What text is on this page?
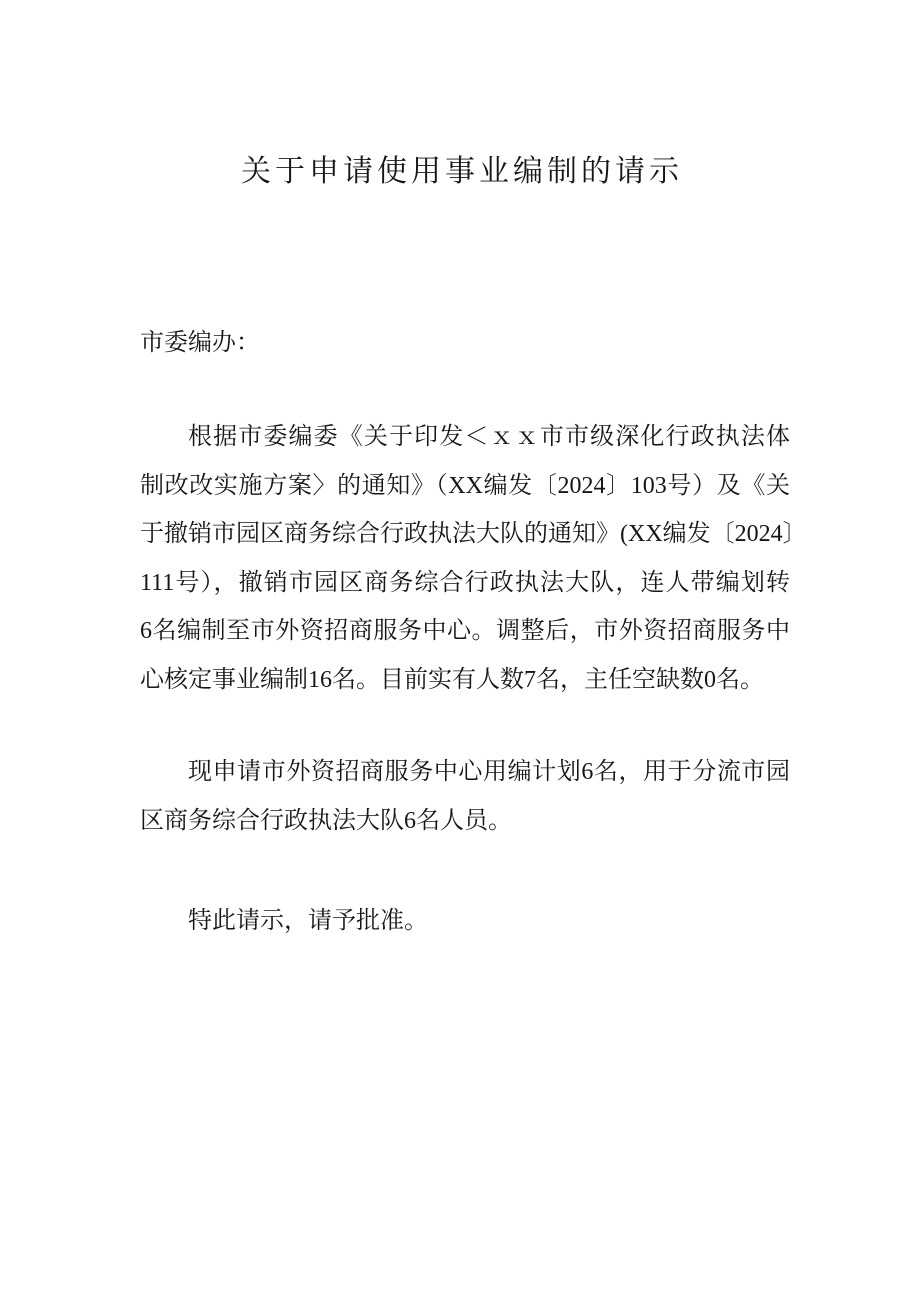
关于申请使用事业编制的请示
市委编办：
根据市委编委《关于印发＜ｘｘ市市级深化行政执法体
制改改实施方案〉的通知》（XX编发〔2024〕103号）及《关
于撤销市园区商务综合行政执法大队的通知》(XX编发〔2024〕
111号），撤销市园区商务综合行政执法大队，连人带编划转
6名编制至市外资招商服务中心。调整后，市外资招商服务中
心核定事业编制16名。目前实有人数7名，主任空缺数0名。
现申请市外资招商服务中心用编计划6名，用于分流市园
区商务综合行政执法大队6名人员。
特此请示，请予批准。
